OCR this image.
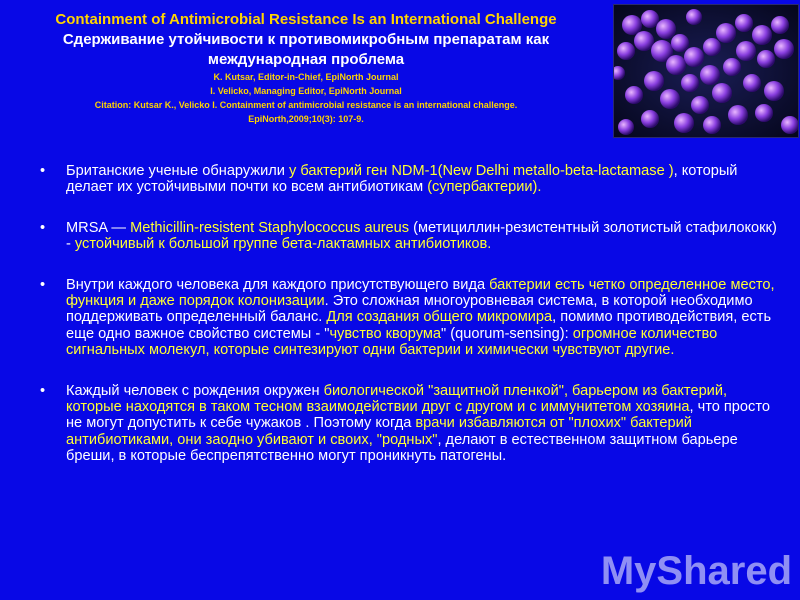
Containment of Antimicrobial Resistance Is an International Challenge
Сдерживание утойчивости к противомикробным препаратам как
международная проблема
K. Kutsar, Editor-in-Chief, EpiNorth Journal
I. Velicko, Managing Editor, EpiNorth Journal
Citation: Kutsar K., Velicko I. Containment of antimicrobial resistance is an international challenge.
EpiNorth,2009;10(3): 107-9.
• Британские ученые обнаружили у бактерий ген NDM-1(New Delhi metallo-beta-lactamase ), который делает их устойчивыми почти ко всем антибиотикам (супербактерии).
• MRSA — Methicillin-resistent Staphylococcus aureus (метициллин-резистентный золотистый стафилококк) - устойчивый к большой группе бета-лактамных антибиотиков.
• Внутри каждого человека для каждого присутствующего вида бактерии есть четко определенное место, функция и даже порядок колонизации. Это сложная многоуровневая система, в которой необходимо поддерживать определенный баланс. Для создания общего микромира, помимо противодействия, есть еще одно важное свойство системы - "чувство кворума" (quorum-sensing): огромное количество сигнальных молекул, которые синтезируют одни бактерии и химически чувствуют другие.
• Каждый человек с рождения окружен биологической "защитной пленкой", барьером из бактерий, которые находятся в таком тесном взаимодействии друг с другом и с иммунитетом хозяина, что просто не могут допустить к себе чужаков . Поэтому когда врачи избавляются от "плохих" бактерий антибиотиками, они заодно убивают и своих, "родных", делают в естественном защитном барьере бреши, в которые беспрепятственно могут проникнуть патогены.
MyShared
